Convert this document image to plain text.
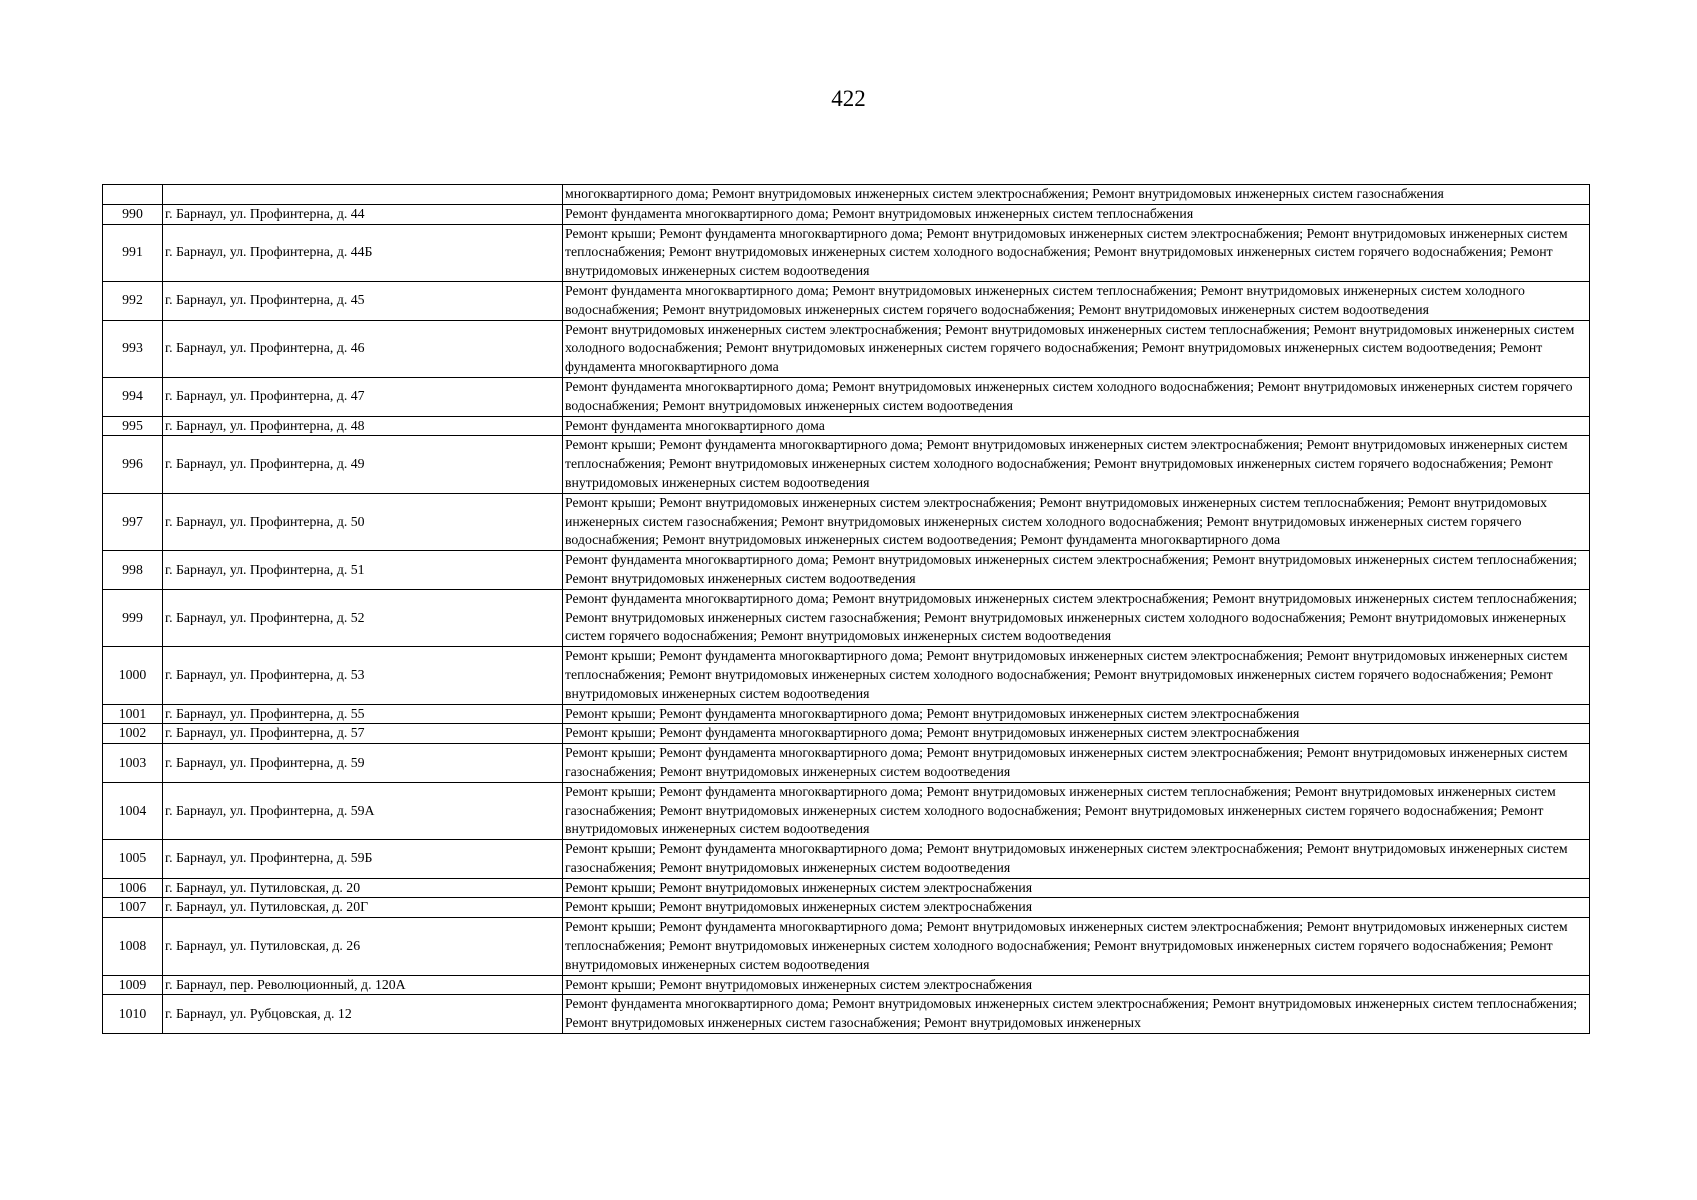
422
		многоквартирного дома; Ремонт внутридомовых инженерных систем электроснабжения; Ремонт внутридомовых инженерных систем газоснабжения
990	г. Барнаул, ул. Профинтерна, д. 44	Ремонт фундамента многоквартирного дома; Ремонт внутридомовых инженерных систем теплоснабжения
991	г. Барнаул, ул. Профинтерна, д. 44Б	Ремонт крыши; Ремонт фундамента многоквартирного дома; Ремонт внутридомовых инженерных систем электроснабжения; Ремонт внутридомовых инженерных систем теплоснабжения; Ремонт внутридомовых инженерных систем холодного водоснабжения; Ремонт внутридомовых инженерных систем горячего водоснабжения; Ремонт внутридомовых инженерных систем водоотведения
992	г. Барнаул, ул. Профинтерна, д. 45	Ремонт фундамента многоквартирного дома; Ремонт внутридомовых инженерных систем теплоснабжения; Ремонт внутридомовых инженерных систем холодного водоснабжения; Ремонт внутридомовых инженерных систем горячего водоснабжения; Ремонт внутридомовых инженерных систем водоотведения
993	г. Барнаул, ул. Профинтерна, д. 46	Ремонт внутридомовых инженерных систем электроснабжения; Ремонт внутридомовых инженерных систем теплоснабжения; Ремонт внутридомовых инженерных систем холодного водоснабжения; Ремонт внутридомовых инженерных систем горячего водоснабжения; Ремонт внутридомовых инженерных систем водоотведения; Ремонт фундамента многоквартирного дома
994	г. Барнаул, ул. Профинтерна, д. 47	Ремонт фундамента многоквартирного дома; Ремонт внутридомовых инженерных систем холодного водоснабжения; Ремонт внутридомовых инженерных систем горячего водоснабжения; Ремонт внутридомовых инженерных систем водоотведения
995	г. Барнаул, ул. Профинтерна, д. 48	Ремонт фундамента многоквартирного дома
996	г. Барнаул, ул. Профинтерна, д. 49	Ремонт крыши; Ремонт фундамента многоквартирного дома; Ремонт внутридомовых инженерных систем электроснабжения; Ремонт внутридомовых инженерных систем теплоснабжения; Ремонт внутридомовых инженерных систем холодного водоснабжения; Ремонт внутридомовых инженерных систем горячего водоснабжения; Ремонт внутридомовых инженерных систем водоотведения
997	г. Барнаул, ул. Профинтерна, д. 50	Ремонт крыши; Ремонт внутридомовых инженерных систем электроснабжения; Ремонт внутридомовых инженерных систем теплоснабжения; Ремонт внутридомовых инженерных систем газоснабжения; Ремонт внутридомовых инженерных систем холодного водоснабжения; Ремонт внутридомовых инженерных систем горячего водоснабжения; Ремонт внутридомовых инженерных систем водоотведения; Ремонт фундамента многоквартирного дома
998	г. Барнаул, ул. Профинтерна, д. 51	Ремонт фундамента многоквартирного дома; Ремонт внутридомовых инженерных систем электроснабжения; Ремонт внутридомовых инженерных систем теплоснабжения; Ремонт внутридомовых инженерных систем водоотведения
999	г. Барнаул, ул. Профинтерна, д. 52	Ремонт фундамента многоквартирного дома; Ремонт внутридомовых инженерных систем электроснабжения; Ремонт внутридомовых инженерных систем теплоснабжения; Ремонт внутридомовых инженерных систем газоснабжения; Ремонт внутридомовых инженерных систем холодного водоснабжения; Ремонт внутридомовых инженерных систем горячего водоснабжения; Ремонт внутридомовых инженерных систем водоотведения
1000	г. Барнаул, ул. Профинтерна, д. 53	Ремонт крыши; Ремонт фундамента многоквартирного дома; Ремонт внутридомовых инженерных систем электроснабжения; Ремонт внутридомовых инженерных систем теплоснабжения; Ремонт внутридомовых инженерных систем холодного водоснабжения; Ремонт внутридомовых инженерных систем горячего водоснабжения; Ремонт внутридомовых инженерных систем водоотведения
1001	г. Барнаул, ул. Профинтерна, д. 55	Ремонт крыши; Ремонт фундамента многоквартирного дома; Ремонт внутридомовых инженерных систем электроснабжения
1002	г. Барнаул, ул. Профинтерна, д. 57	Ремонт крыши; Ремонт фундамента многоквартирного дома; Ремонт внутридомовых инженерных систем электроснабжения
1003	г. Барнаул, ул. Профинтерна, д. 59	Ремонт крыши; Ремонт фундамента многоквартирного дома; Ремонт внутридомовых инженерных систем электроснабжения; Ремонт внутридомовых инженерных систем газоснабжения; Ремонт внутридомовых инженерных систем водоотведения
1004	г. Барнаул, ул. Профинтерна, д. 59А	Ремонт крыши; Ремонт фундамента многоквартирного дома; Ремонт внутридомовых инженерных систем теплоснабжения; Ремонт внутридомовых инженерных систем газоснабжения; Ремонт внутридомовых инженерных систем холодного водоснабжения; Ремонт внутридомовых инженерных систем горячего водоснабжения; Ремонт внутридомовых инженерных систем водоотведения
1005	г. Барнаул, ул. Профинтерна, д. 59Б	Ремонт крыши; Ремонт фундамента многоквартирного дома; Ремонт внутридомовых инженерных систем электроснабжения; Ремонт внутридомовых инженерных систем газоснабжения; Ремонт внутридомовых инженерных систем водоотведения
1006	г. Барнаул, ул. Путиловская, д. 20	Ремонт крыши; Ремонт внутридомовых инженерных систем электроснабжения
1007	г. Барнаул, ул. Путиловская, д. 20Г	Ремонт крыши; Ремонт внутридомовых инженерных систем электроснабжения
1008	г. Барнаул, ул. Путиловская, д. 26	Ремонт крыши; Ремонт фундамента многоквартирного дома; Ремонт внутридомовых инженерных систем электроснабжения; Ремонт внутридомовых инженерных систем теплоснабжения; Ремонт внутридомовых инженерных систем холодного водоснабжения; Ремонт внутридомовых инженерных систем горячего водоснабжения; Ремонт внутридомовых инженерных систем водоотведения
1009	г. Барнаул, пер. Революционный, д. 120А	Ремонт крыши; Ремонт внутридомовых инженерных систем электроснабжения
1010	г. Барнаул, ул. Рубцовская, д. 12	Ремонт фундамента многоквартирного дома; Ремонт внутридомовых инженерных систем электроснабжения; Ремонт внутридомовых инженерных систем теплоснабжения; Ремонт внутридомовых инженерных систем газоснабжения; Ремонт внутридомовых инженерных
